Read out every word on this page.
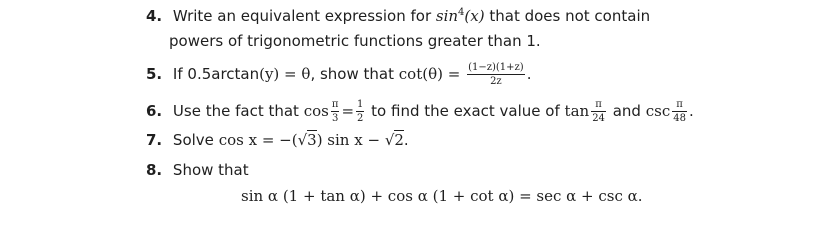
4. Write an equivalent expression for $\sin^4(x)$ that does not contain
powers of trigonometric functions greater than 1.
5. If 0.5arctan(y) = θ, show that $\cot(\theta) = \frac{(1-z)(1+z)}{2z}$ .
6. Use the fact that $\cos \frac{\pi}{3} = \frac{1}{2}$ to find the exact value of $\tan \frac{\pi}{24}$ and $\csc \frac{\pi}{48}$ .
7. Solve cos x = −(√3) sin x − √2.
8. Show that
sin α (1 + tan α) + cos α (1 + cot α) = sec α + csc α.
